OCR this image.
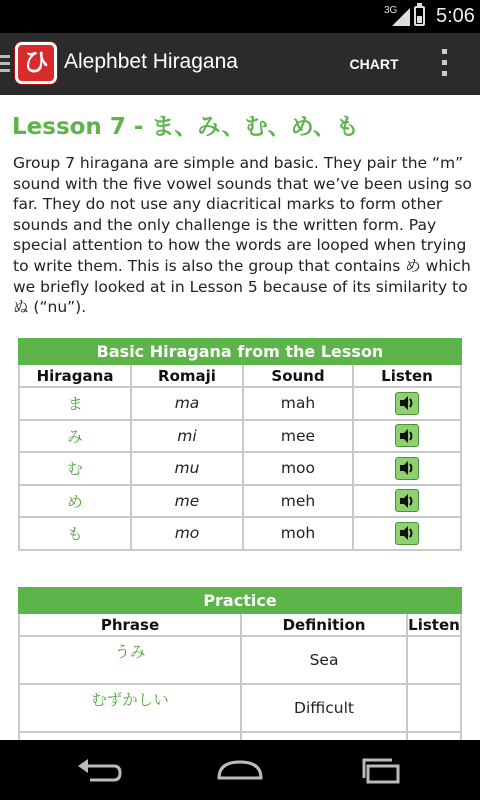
3G 5:06
ひ Alephbet Hiragana	CHART
Lesson 7 - ま、み、む、め、も
Group 7 hiragana are simple and basic. They pair the “m” sound with the five vowel sounds that we’ve been using so far. They do not use any diacritical marks to form other sounds and the only challenge is the written form. Pay special attention to how the words are looped when trying to write them. This is also the group that contains め which we briefly looked at in Lesson 5 because of its similarity to ぬ (“nu”).
Basic Hiragana from the Lesson			
Hiragana	Romaji	Sound	Listen
ま	ma	mah	

み	mi	mee	

む	mu	moo	

め	me	meh	

も	mo	moh	
Practice		
Phrase	Definition	Listen
うみ	Sea	
むずかしい	Difficult	
